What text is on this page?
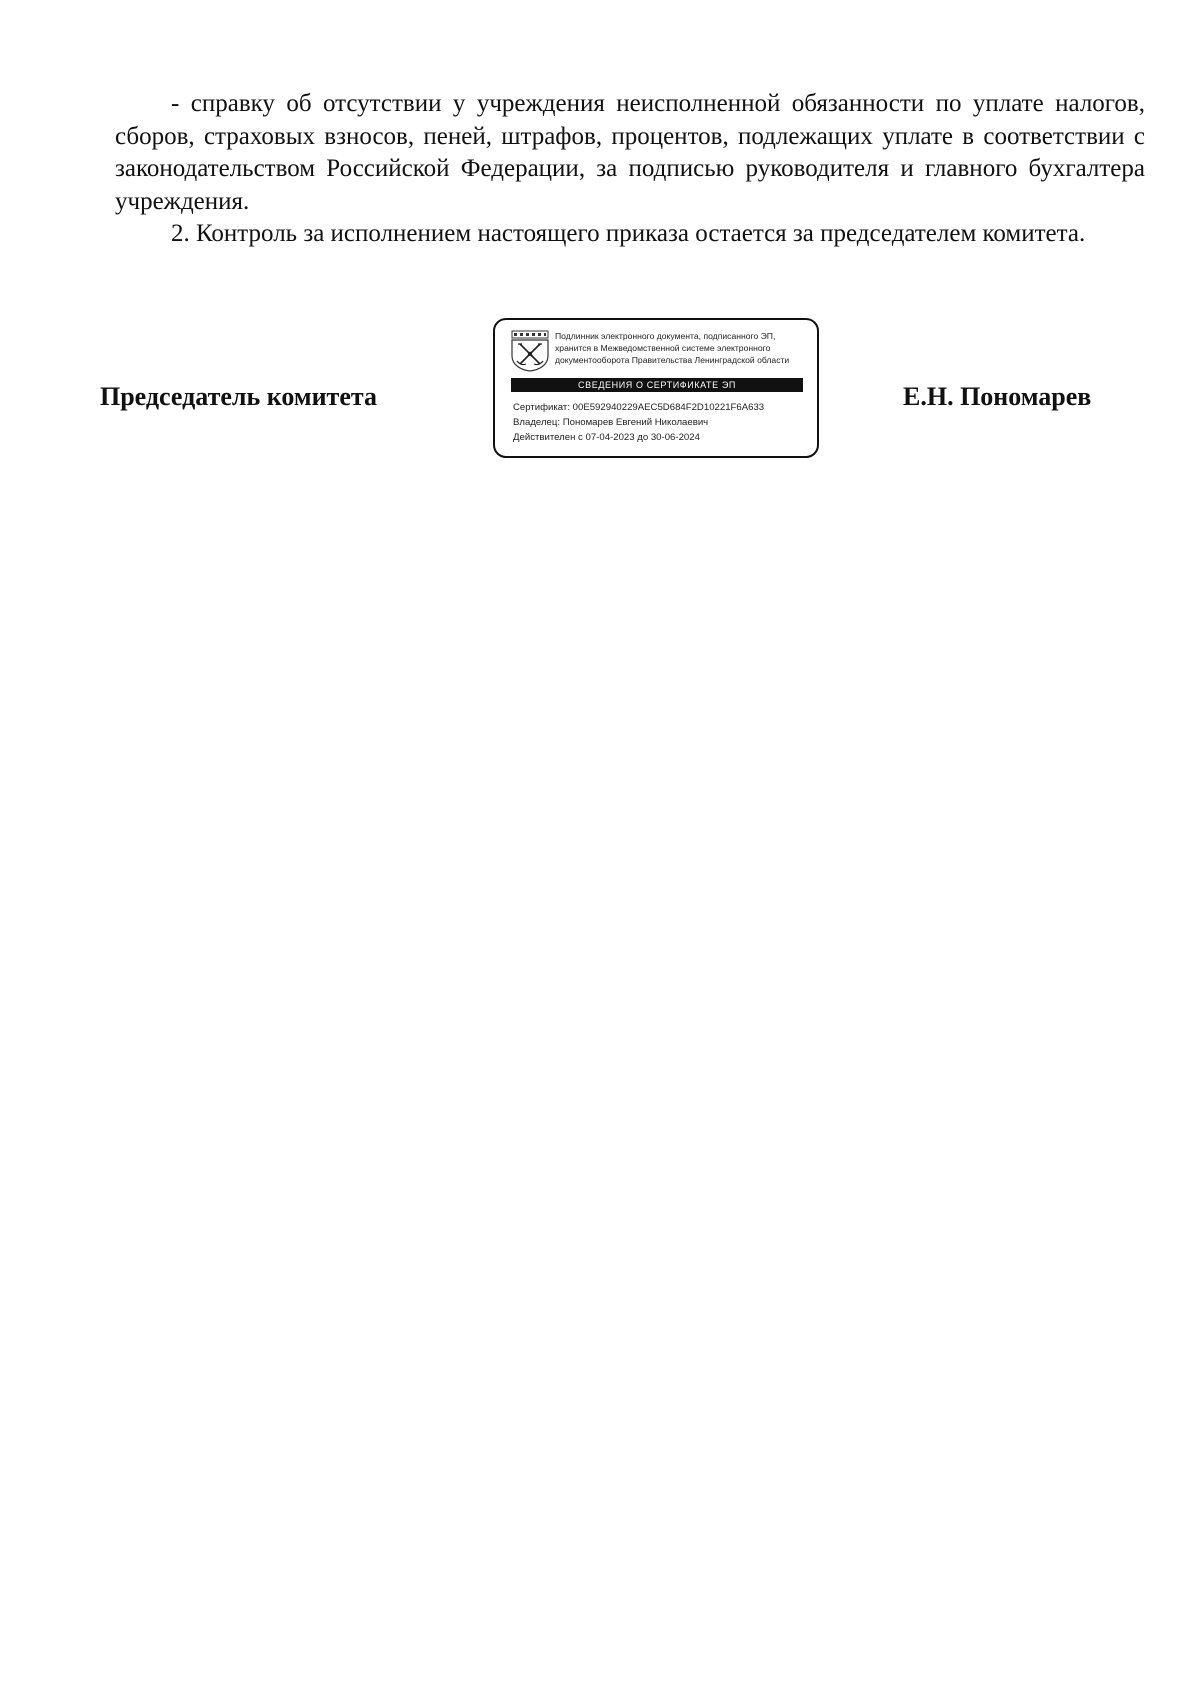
- справку об отсутствии у учреждения неисполненной обязанности по уплате налогов, сборов, страховых взносов, пеней, штрафов, процентов, подлежащих уплате в соответствии с законодательством Российской Федерации, за подписью руководителя и главного бухгалтера учреждения.

2. Контроль за исполнением настоящего приказа остается за председателем комитета.

Председатель комитета	Е.Н. Пономарев
Подлинник электронного документа, подписанного ЭП,
хранится в Межведомственной системе электронного
документооборота Правительства Ленинградской области
СВЕДЕНИЯ О СЕРТИФИКАТЕ ЭП
Сертификат: 00E592940229AEC5D684F2D10221F6A633
Владелец: Пономарев Евгений Николаевич
Действителен с 07-04-2023 до 30-06-2024
